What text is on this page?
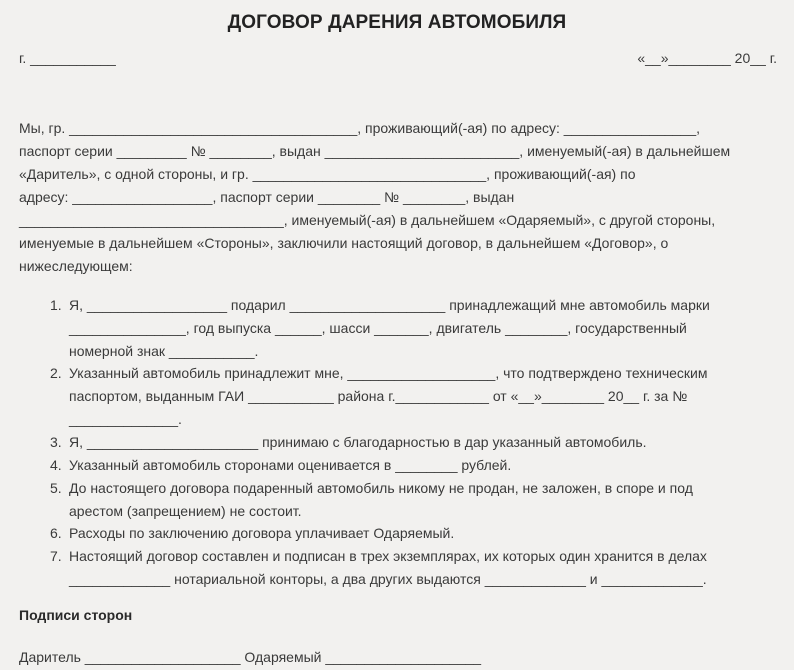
ДОГОВОР ДАРЕНИЯ АВТОМОБИЛЯ
г. ___________	«__»________ 20__ г.
Мы, гр. _____________________________________, проживающий(-ая) по адресу: _________________,
паспорт серии _________ № ________, выдан _________________________, именуемый(-ая) в дальнейшем
«Даритель», с одной стороны, и гр. ______________________________, проживающий(-ая) по
адресу: __________________, паспорт серии ________ № ________, выдан
__________________________________, именуемый(-ая) в дальнейшем «Одаряемый», с другой стороны,
именуемые в дальнейшем «Стороны», заключили настоящий договор, в дальнейшем «Договор», о
нижеследующем:
1. Я, __________________ подарил ____________________ принадлежащий мне автомобиль марки
_______________, год выпуска ______, шасси _______, двигатель ________, государственный
номерной знак ___________.
2. Указанный автомобиль принадлежит мне, ___________________, что подтверждено техническим
паспортом, выданным ГАИ ___________ района г.____________ от «__»________ 20__ г. за №
______________.
3. Я, ______________________ принимаю с благодарностью в дар указанный автомобиль.
4. Указанный автомобиль сторонами оценивается в ________ рублей.
5. До настоящего договора подаренный автомобиль никому не продан, не заложен, в споре и под
арестом (запрещением) не состоит.
6. Расходы по заключению договора уплачивает Одаряемый.
7. Настоящий договор составлен и подписан в трех экземплярах, их которых один хранится в делах
_____________ нотариальной конторы, а два других выдаются _____________ и _____________.
Подписи сторон
Даритель ____________________ Одаряемый ____________________
